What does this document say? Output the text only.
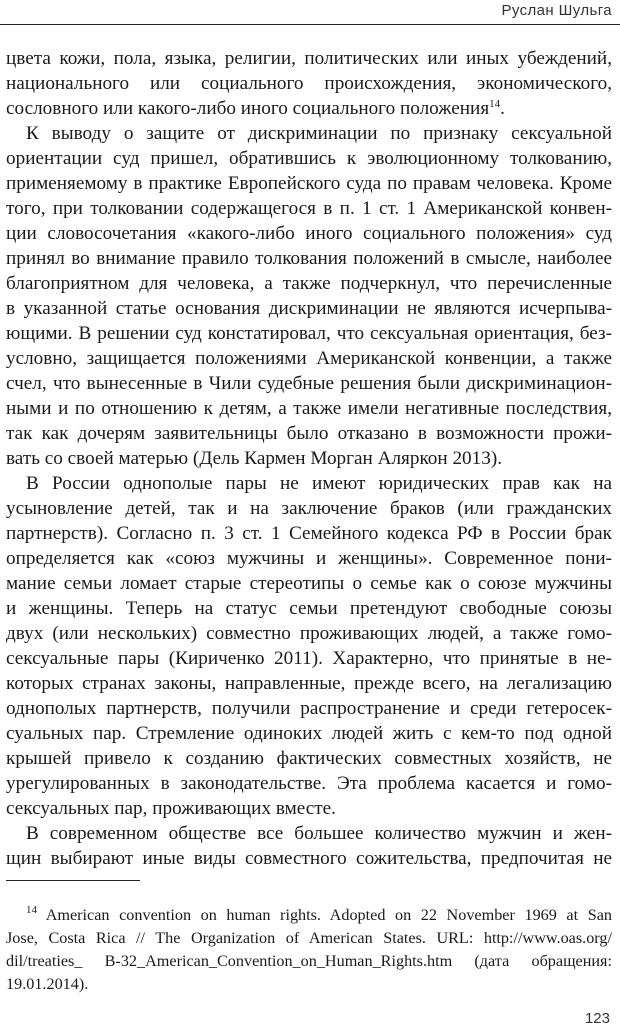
Руслан Шульга
цвета кожи, пола, языка, религии, политических или иных убеждений,
национального или социального происхождения, экономического,
сословного или какого-либо иного социального положения$^{14}$.
К выводу о защите от дискриминации по признаку сексуальной
ориентации суд пришел, обратившись к эволюционному толкованию,
применяемому в практике Европейского суда по правам человека. Кроме
того, при толковании содержащегося в п. 1 ст. 1 Американской конвен-
ции словосочетания «какого-либо иного социального положения» суд
принял во внимание правило толкования положений в смысле, наиболее
благоприятном для человека, а также подчеркнул, что перечисленные
в указанной статье основания дискриминации не являются исчерпыва-
ющими. В решении суд констатировал, что сексуальная ориентация, без-
условно, защищается положениями Американской конвенции, а также
счел, что вынесенные в Чили судебные решения были дискриминацион-
ными и по отношению к детям, а также имели негативные последствия,
так как дочерям заявительницы было отказано в возможности прожи-
вать со своей матерью (Дель Кармен Морган Аляркон 2013).
В России однополые пары не имеют юридических прав как на
усыновление детей, так и на заключение браков (или гражданских
партнерств). Согласно п. 3 ст. 1 Семейного кодекса РФ в России брак
определяется как «союз мужчины и женщины». Современное пони-
мание семьи ломает старые стереотипы о семье как о союзе мужчины
и женщины. Теперь на статус семьи претендуют свободные союзы
двух (или нескольких) совместно проживающих людей, а также гомо-
сексуальные пары (Кириченко 2011). Характерно, что принятые в не-
которых странах законы, направленные, прежде всего, на легализацию
однополых партнерств, получили распространение и среди гетеросек-
суальных пар. Стремление одиноких людей жить с кем-то под одной
крышей привело к созданию фактических совместных хозяйств, не
урегулированных в законодательстве. Эта проблема касается и гомо-
сексуальных пар, проживающих вместе.
В современном обществе все большее количество мужчин и жен-
щин выбирают иные виды совместного сожительства, предпочитая не
$^{14}$ American convention on human rights. Adopted on 22 November 1969 at San
Jose, Costa Rica // The Organization of American States. URL: http://www.oas.org/
dil/treaties_ B-32_American_Convention_on_Human_Rights.htm (дата обращения:
19.01.2014).
123
